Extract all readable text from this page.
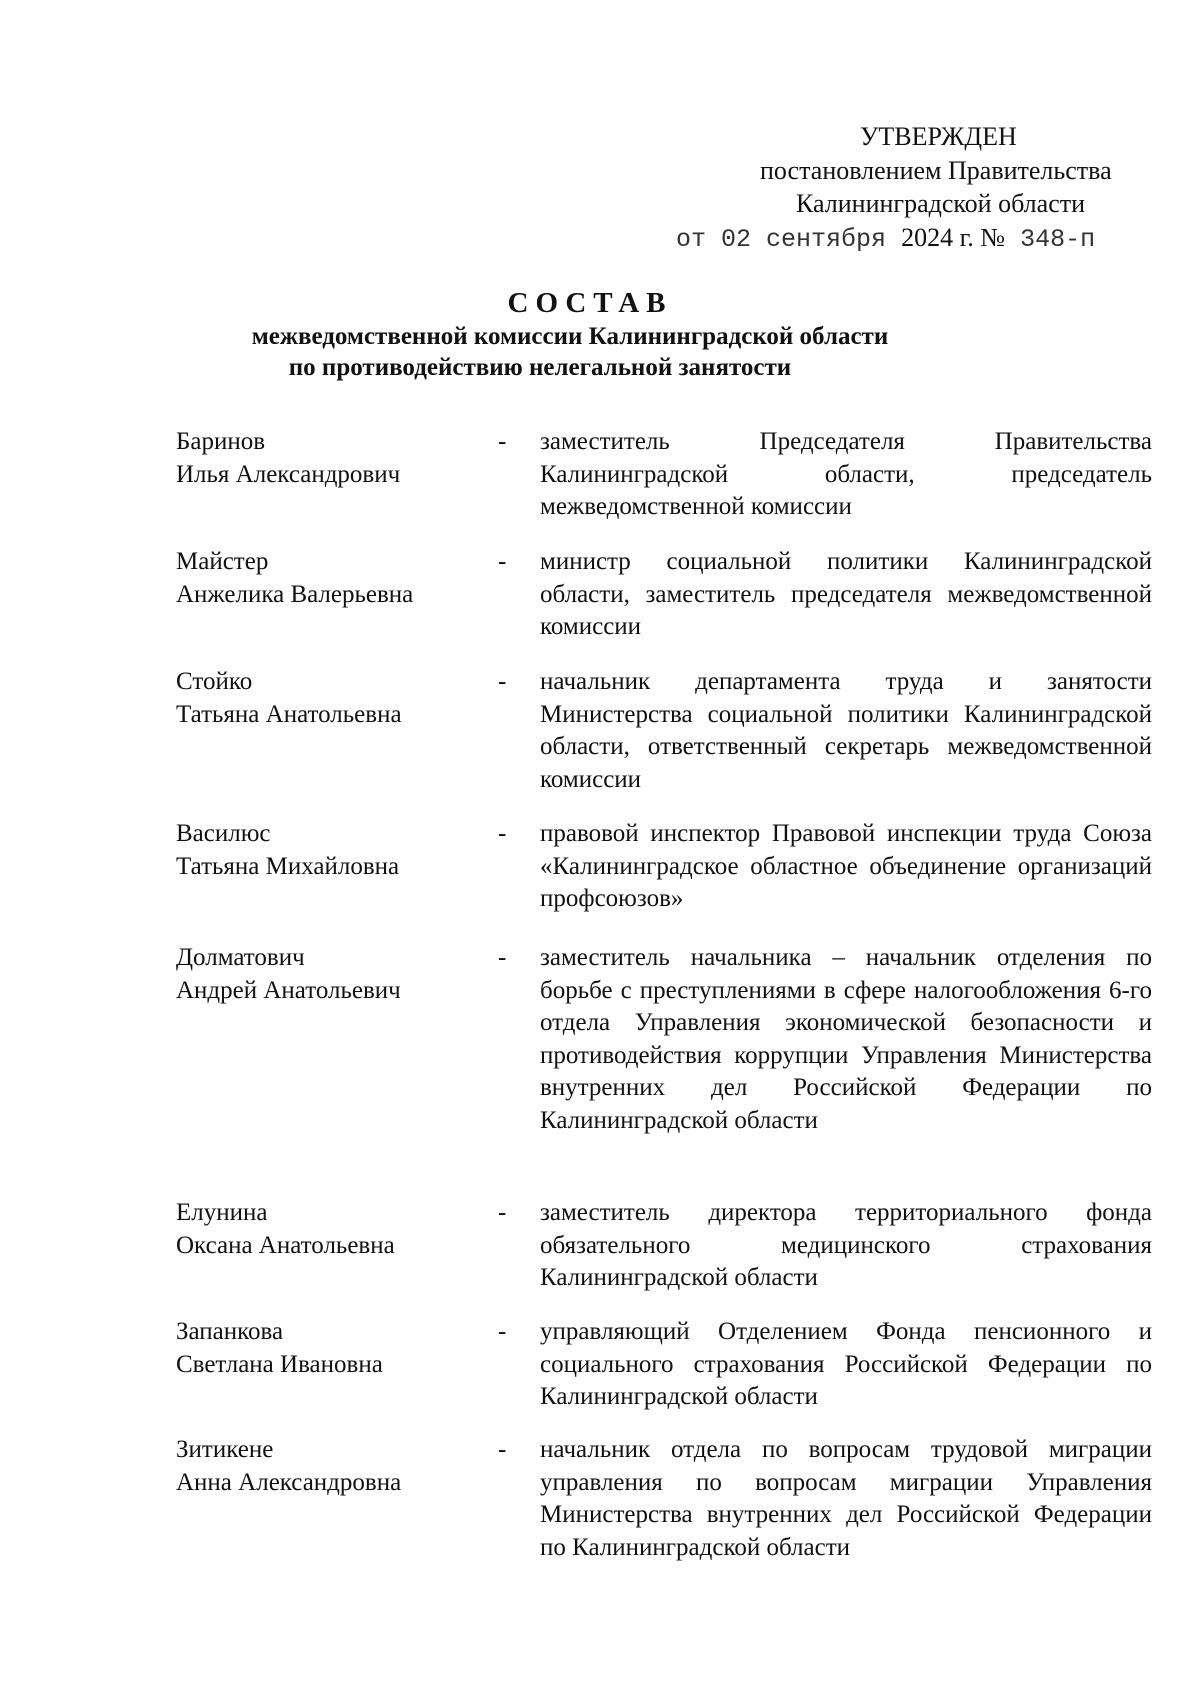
УТВЕРЖДЕН
постановлением Правительства
Калининградской области
от 02 сентября 2024 г. № 348-п
СОСТАВ
межведомственной комиссии Калининградской области
по противодействию нелегальной занятости
Баринов
Илья Александрович
- заместитель Председателя Правительства Калининградской области, председатель межведомственной комиссии
Майстер
Анжелика Валерьевна
- министр социальной политики Калининградской области, заместитель председателя межведомственной комиссии
Стойко
Татьяна Анатольевна
- начальник департамента труда и занятости Министерства социальной политики Калининградской области, ответственный секретарь межведомственной комиссии
Василюс
Татьяна Михайловна
- правовой инспектор Правовой инспекции труда Союза «Калининградское областное объединение организаций профсоюзов»
Долматович
Андрей Анатольевич
- заместитель начальника – начальник отделения по борьбе с преступлениями в сфере налогообложения 6-го отдела Управления экономической безопасности и противодействия коррупции Управления Министерства внутренних дел Российской Федерации по Калининградской области
Елунина
Оксана Анатольевна
- заместитель директора территориального фонда обязательного медицинского страхования Калининградской области
Запанкова
Светлана Ивановна
- управляющий Отделением Фонда пенсионного и социального страхования Российской Федерации по Калининградской области
Зитикене
Анна Александровна
- начальник отдела по вопросам трудовой миграции управления по вопросам миграции Управления Министерства внутренних дел Российской Федерации по Калининградской области
